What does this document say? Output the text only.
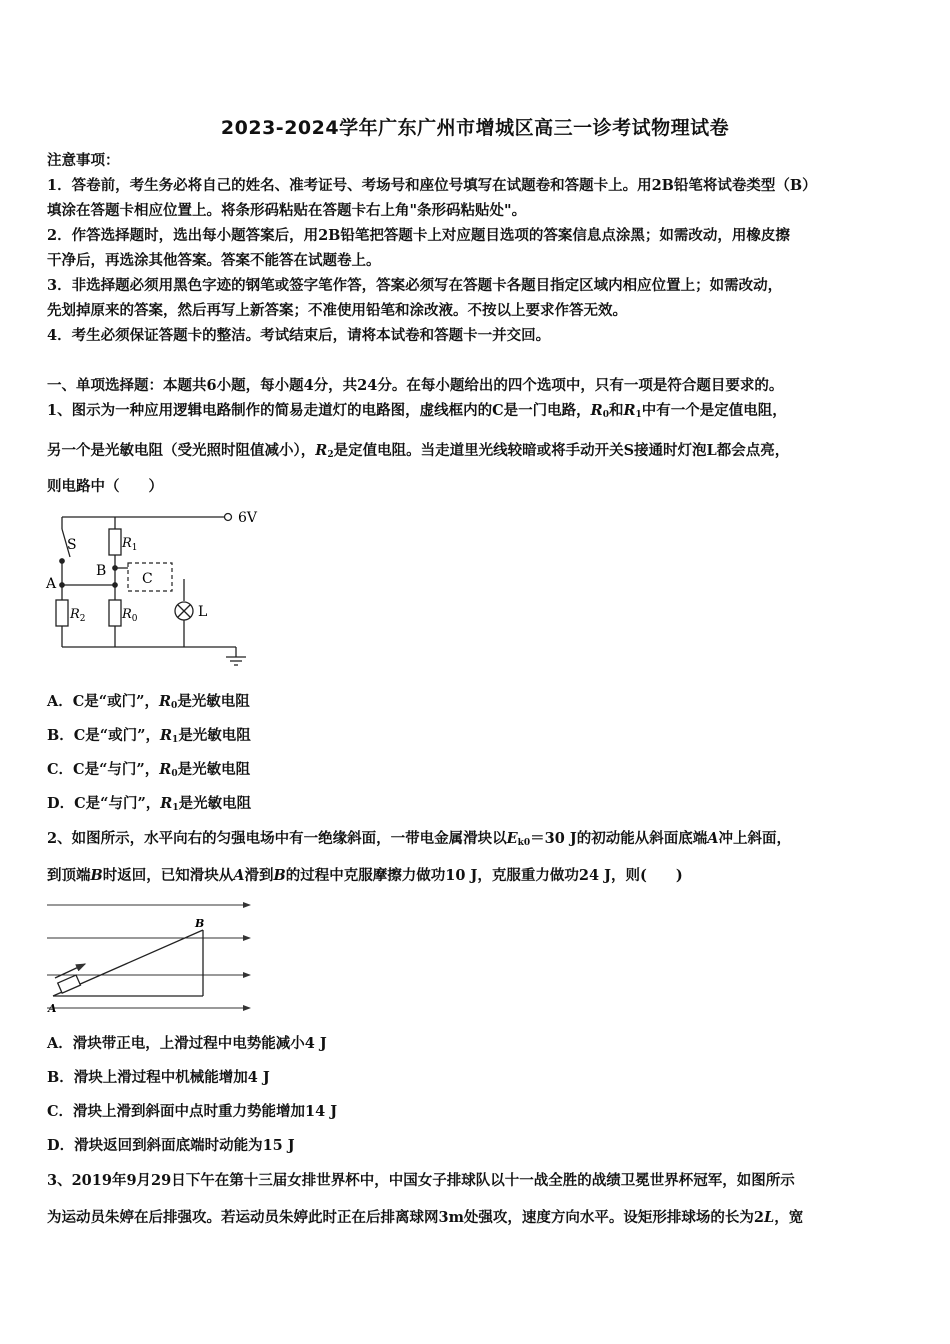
2023-2024学年广东广州市增城区高三一诊考试物理试卷
注意事项：
1．答卷前，考生务必将自己的姓名、准考证号、考场号和座位号填写在试题卷和答题卡上。用2B铅笔将试卷类型（B）
填涂在答题卡相应位置上。将条形码粘贴在答题卡右上角"条形码粘贴处"。
2．作答选择题时，选出每小题答案后，用2B铅笔把答题卡上对应题目选项的答案信息点涂黑；如需改动，用橡皮擦
干净后，再选涂其他答案。答案不能答在试题卷上。
3．非选择题必须用黑色字迹的钢笔或签字笔作答，答案必须写在答题卡各题目指定区域内相应位置上；如需改动，
先划掉原来的答案，然后再写上新答案；不准使用铅笔和涂改液。不按以上要求作答无效。
4．考生必须保证答题卡的整洁。考试结束后，请将本试卷和答题卡一并交回。
一、单项选择题：本题共6小题，每小题4分，共24分。在每小题给出的四个选项中，只有一项是符合题目要求的。
1、图示为一种应用逻辑电路制作的简易走道灯的电路图，虚线框内的C是一门电路，$R_0$和$R_1$中有一个是定值电阻，
另一个是光敏电阻（受光照时阻值减小），$R_2$是定值电阻。当走道里光线较暗或将手动开关S接通时灯泡L都会点亮，
则电路中（　　）
6V
S
A
B	C
L
$R_1$
$R_2$	$R_0$
A．C是“或门”，$R_0$是光敏电阻
B．C是“或门”，$R_1$是光敏电阻
C．C是“与门”，$R_0$是光敏电阻
D．C是“与门”，$R_1$是光敏电阻
2、如图所示，水平向右的匀强电场中有一绝缘斜面，一带电金属滑块以$E_{k0}=30$ J的初动能从斜面底端A冲上斜面，
到顶端B时返回，已知滑块从A滑到B的过程中克服摩擦力做功10 J，克服重力做功24 J，则(　　)
A
B
A．滑块带正电，上滑过程中电势能减小4 J
B．滑块上滑过程中机械能增加4 J
C．滑块上滑到斜面中点时重力势能增加14 J
D．滑块返回到斜面底端时动能为15 J
3、2019年9月29日下午在第十三届女排世界杯中，中国女子排球队以十一战全胜的战绩卫冕世界杯冠军，如图所示
为运动员朱婷在后排强攻。若运动员朱婷此时正在后排离球网3m处强攻，速度方向水平。设矩形排球场的长为2L，宽
